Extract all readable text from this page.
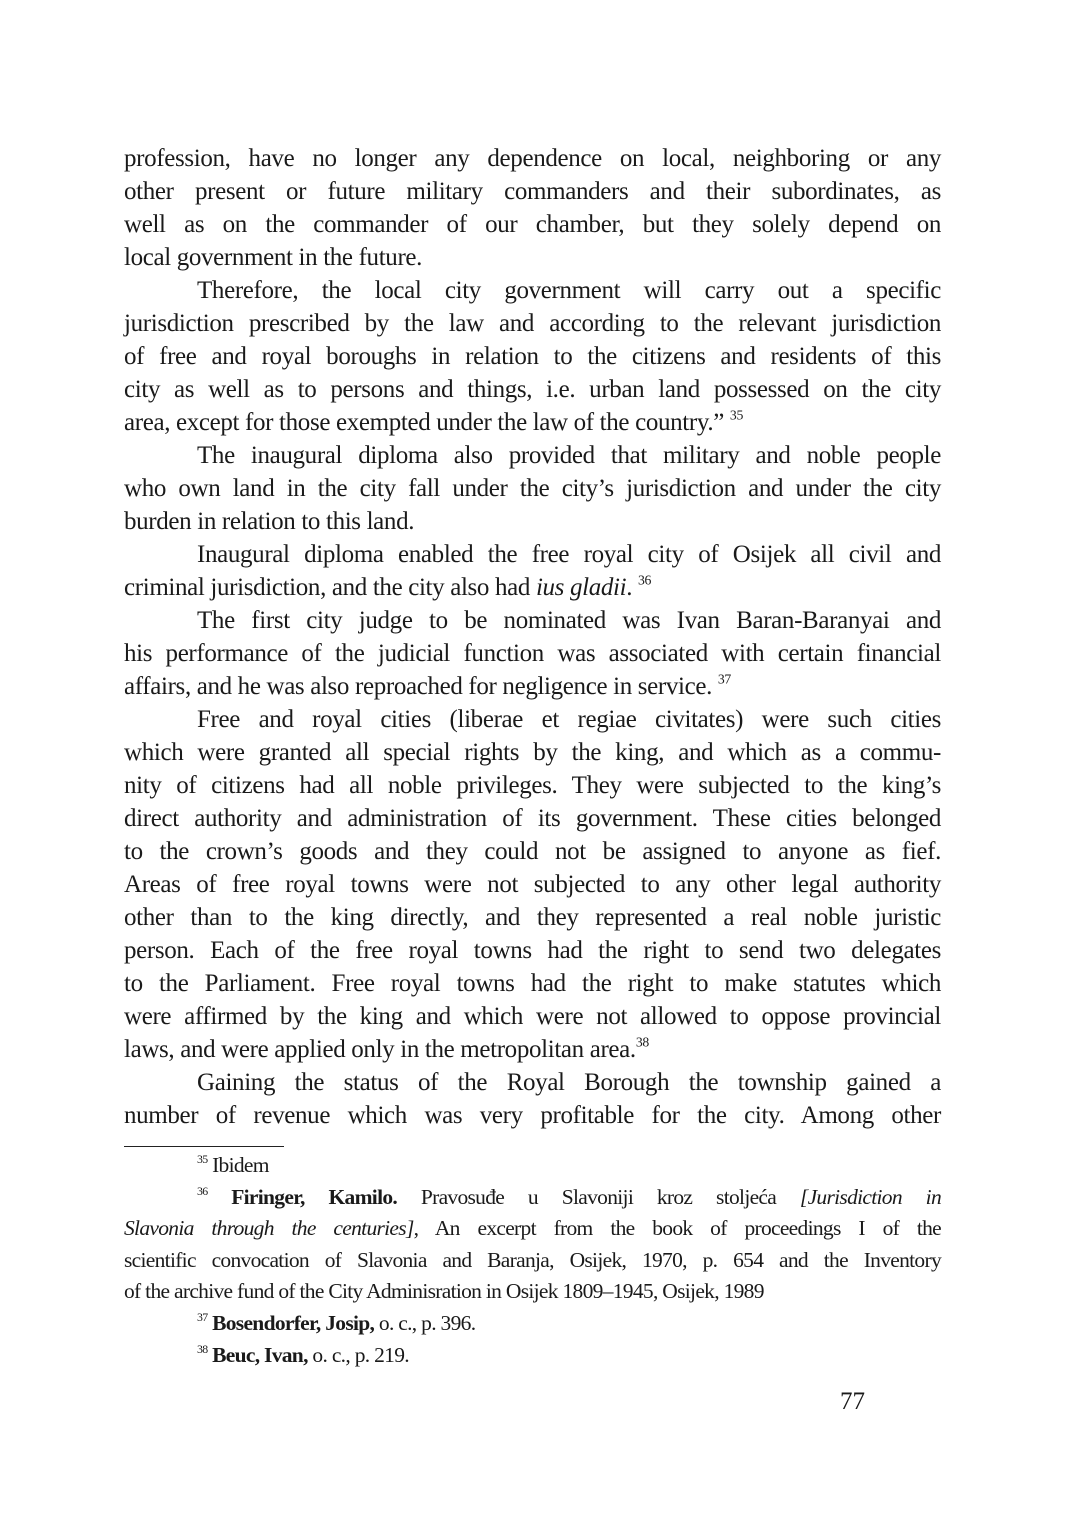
profession, have no longer any dependence on local, neighboring or any
other present or future military commanders and their subordinates, as
well as on the commander of our chamber, but they solely depend on
local government in the future.
Therefore, the local city government will carry out a specific
jurisdiction prescribed by the law and according to the relevant jurisdiction
of free and royal boroughs in relation to the citizens and residents of this
city as well as to persons and things, i.e. urban land possessed on the city
area, except for those exempted under the law of the country.” $^{35}$
The inaugural diploma also provided that military and noble people
who own land in the city fall under the city’s jurisdiction and under the city
burden in relation to this land.
Inaugural diploma enabled the free royal city of Osijek all civil and
criminal jurisdiction, and the city also had ius gladii. $^{36}$
The first city judge to be nominated was Ivan Baran-Baranyai and
his performance of the judicial function was associated with certain financial
affairs, and he was also reproached for negligence in service. $^{37}$
Free and royal cities (liberae et regiae civitates) were such cities
which were granted all special rights by the king, and which as a commu-
nity of citizens had all noble privileges. They were subjected to the king’s
direct authority and administration of its government. These cities belonged
to the crown’s goods and they could not be assigned to anyone as fief.
Areas of free royal towns were not subjected to any other legal authority
other than to the king directly, and they represented a real noble juristic
person. Each of the free royal towns had the right to send two delegates
to the Parliament. Free royal towns had the right to make statutes which
were affirmed by the king and which were not allowed to oppose provincial
laws, and were applied only in the metropolitan area.$^{38}$
Gaining the status of the Royal Borough the township gained a
number of revenue which was very profitable for the city. Among other
$^{35}$ Ibidem
$^{36}$ Firinger, Kamilo. Pravosuđe u Slavoniji kroz stoljeća [Jurisdiction in
Slavonia through the centuries], An excerpt from the book of proceedings I of the
scientific convocation of Slavonia and Baranja, Osijek, 1970, p. 654 and the Inventory
of the archive fund of the City Adminisration in Osijek 1809–1945, Osijek, 1989
$^{37}$ Bosendorfer, Josip, o. c., p. 396.
$^{38}$ Beuc, Ivan, o. c., p. 219.
77
